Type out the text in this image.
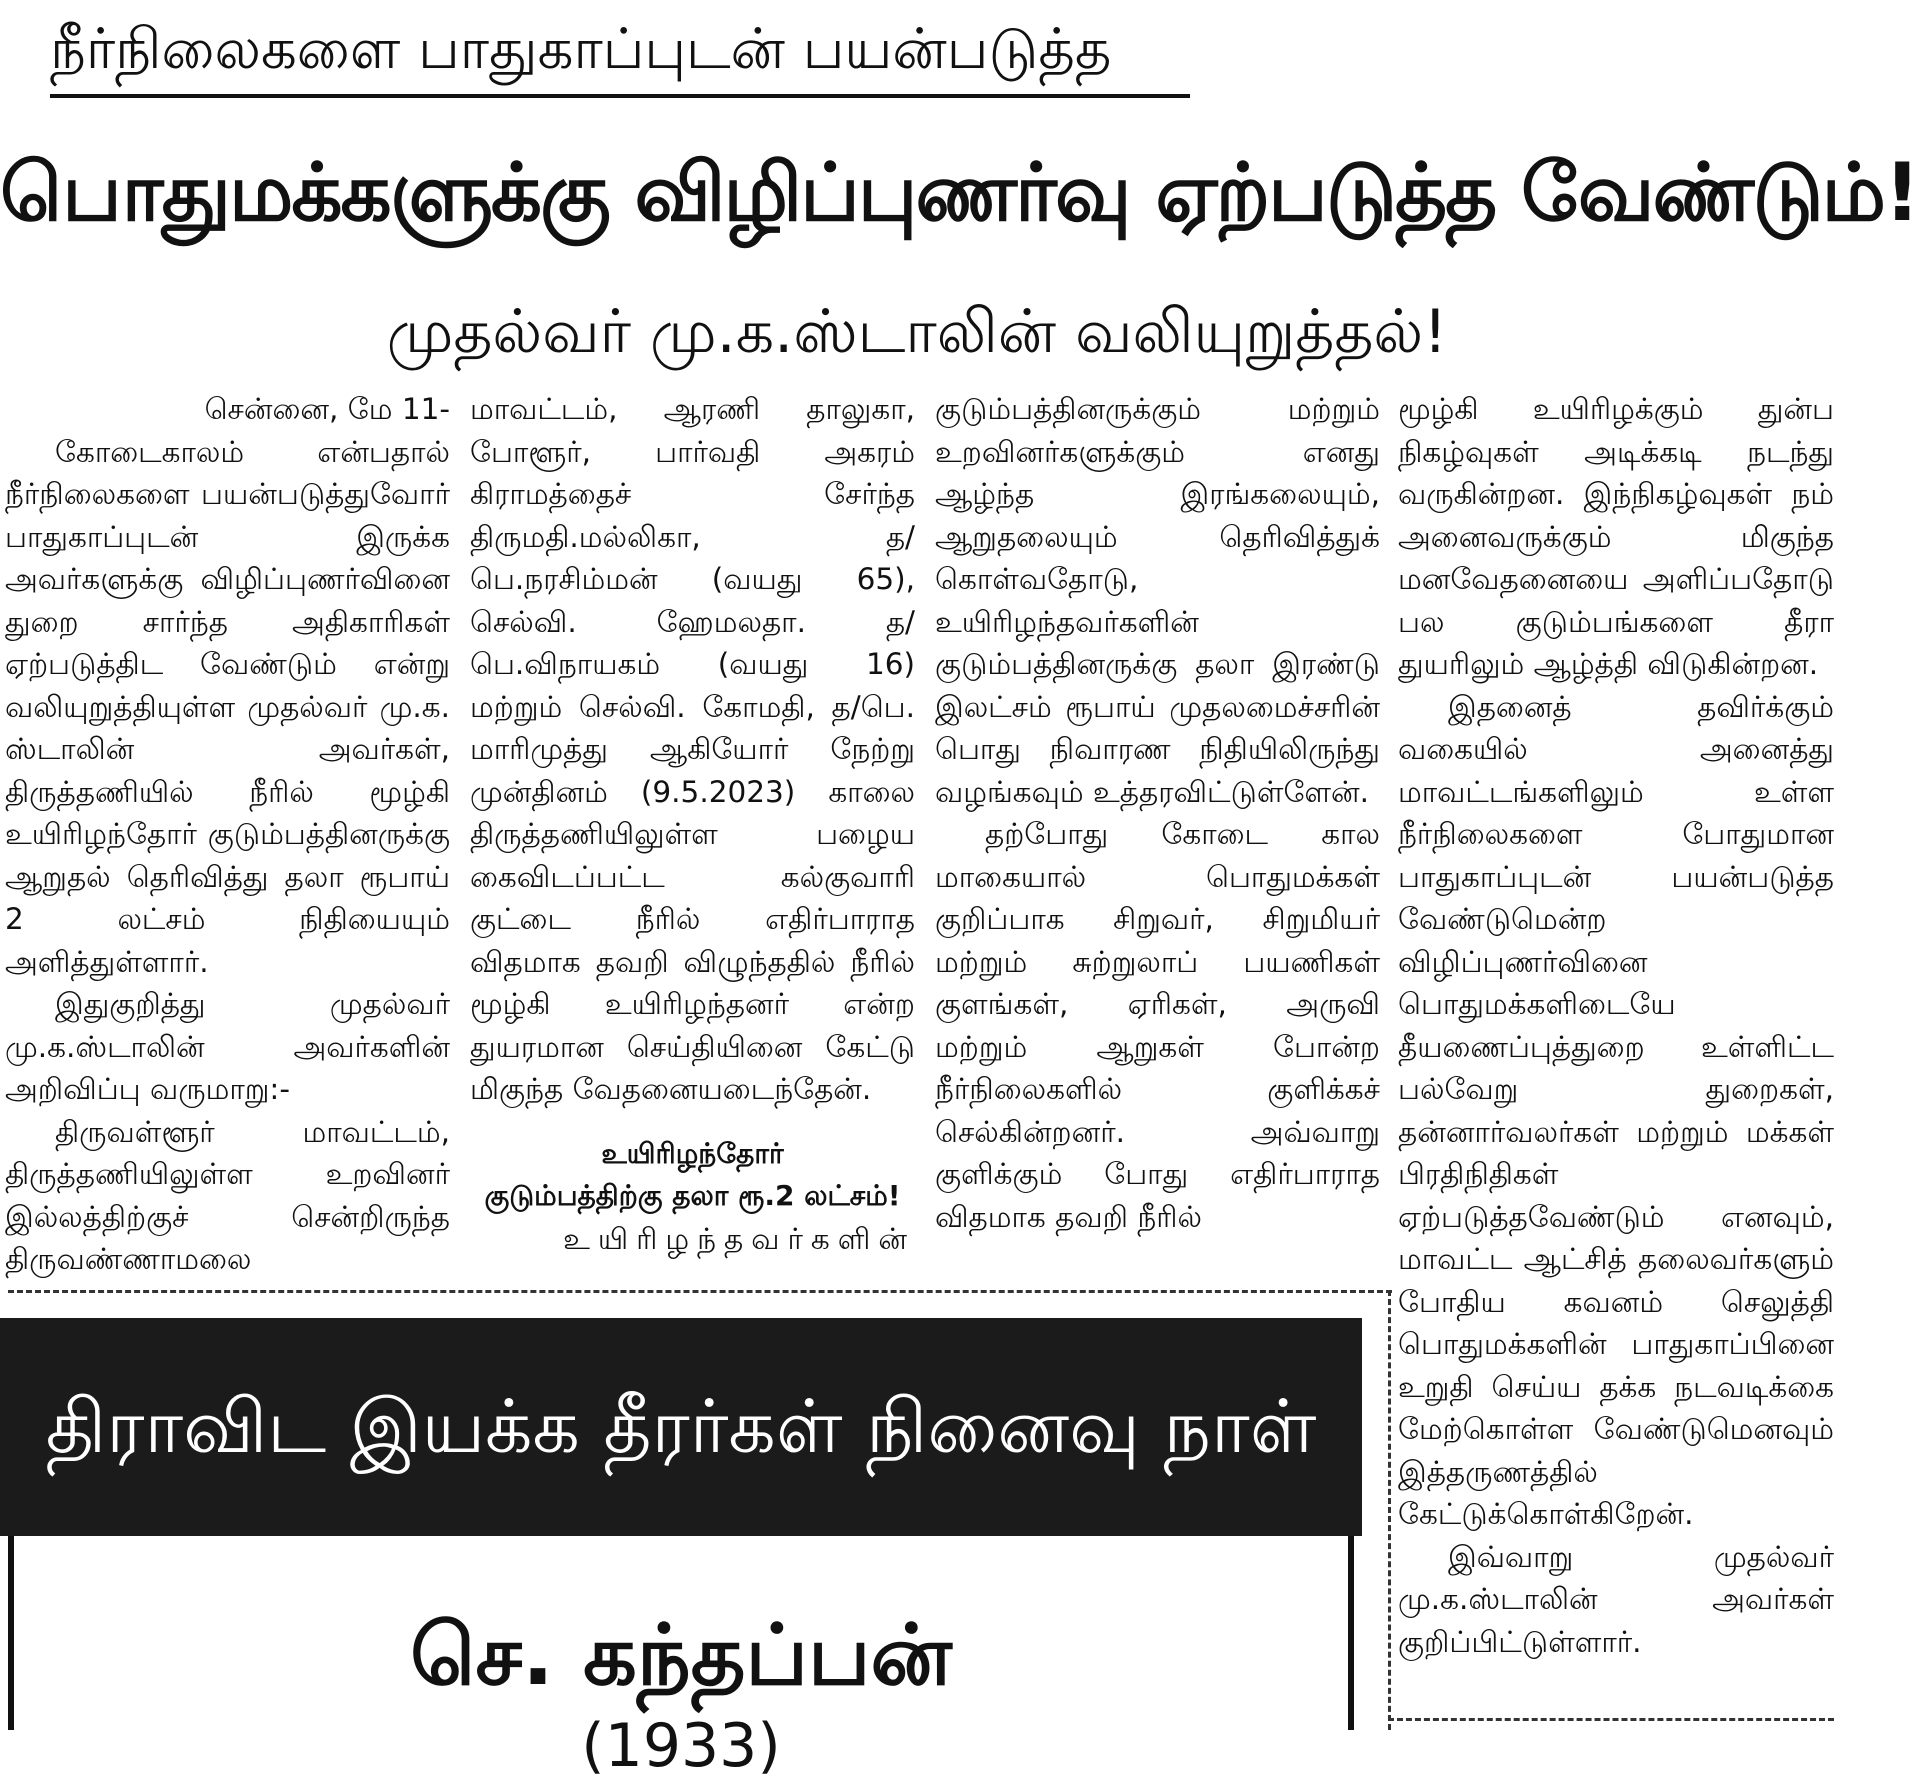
நீர்நிலைகளை பாதுகாப்புடன் பயன்படுத்த
பொதுமக்களுக்கு விழிப்புணர்வு ஏற்படுத்த வேண்டும்!
முதல்வர் மு.க.ஸ்டாலின் வலியுறுத்தல்!

சென்னை, மே 11-

கோடைகாலம் என்பதால் நீர்நிலைகளை பயன்படுத்துவோர் பாதுகாப்புடன் இருக்க அவர்களுக்கு விழிப்புணர்வினை துறை சார்ந்த அதிகாரிகள் ஏற்படுத்திட வேண்டும் என்று வலியுறுத்தியுள்ள முதல்வர் மு.க. ஸ்டாலின் அவர்கள், திருத்தணியில் நீரில் மூழ்கி உயிரிழந்தோர் குடும்பத்தினருக்கு ஆறுதல் தெரிவித்து தலா ரூபாய் 2 லட்சம் நிதியையும் அளித்துள்ளார்.

இதுகுறித்து முதல்வர் மு.க.ஸ்டாலின் அவர்களின் அறிவிப்பு வருமாறு:-

திருவள்ளூர் மாவட்டம், திருத்தணியிலுள்ள உறவினர் இல்லத்திற்குச் சென்றிருந்த திருவண்ணாமலை

மாவட்டம், ஆரணி தாலுகா, போளூர், பார்வதி அகரம் கிராமத்தைச் சேர்ந்த திருமதி.மல்லிகா, த/பெ.நரசிம்மன் (வயது 65), செல்வி. ஹேமலதா. த/பெ.விநாயகம் (வயது 16) மற்றும் செல்வி. கோமதி, த/பெ. மாரிமுத்து ஆகியோர் நேற்று முன்தினம் (9.5.2023) காலை திருத்தணியிலுள்ள பழைய கைவிடப்பட்ட கல்குவாரி குட்டை நீரில் எதிர்பாராத விதமாக தவறி விழுந்ததில் நீரில் மூழ்கி உயிரிழந்தனர் என்ற துயரமான செய்தியினை கேட்டு மிகுந்த வேதனையடைந்தேன்.

உயிரிழந்தோர்
குடும்பத்திற்கு தலா ரூ.2 லட்சம்!
உயிரிழந்தவர்களின்

குடும்பத்தினருக்கும் மற்றும் உறவினர்களுக்கும் எனது ஆழ்ந்த இரங்கலையும், ஆறுதலையும் தெரிவித்துக் கொள்வதோடு, உயிரிழந்தவர்களின் குடும்பத்தினருக்கு தலா இரண்டு இலட்சம் ரூபாய் முதலமைச்சரின் பொது நிவாரண நிதியிலிருந்து வழங்கவும் உத்தரவிட்டுள்ளேன்.

தற்போது கோடை கால மாகையால் பொதுமக்கள் குறிப்பாக சிறுவர், சிறுமியர் மற்றும் சுற்றுலாப் பயணிகள் குளங்கள், ஏரிகள், அருவி மற்றும் ஆறுகள் போன்ற நீர்நிலைகளில் குளிக்கச் செல்கின்றனர். அவ்வாறு குளிக்கும் போது எதிர்பாராத விதமாக தவறி நீரில்

மூழ்கி உயிரிழக்கும் துன்ப நிகழ்வுகள் அடிக்கடி நடந்து வருகின்றன. இந்நிகழ்வுகள் நம் அனைவருக்கும் மிகுந்த மனவேதனையை அளிப்பதோடு பல குடும்பங்களை தீரா துயரிலும் ஆழ்த்தி விடுகின்றன.

இதனைத் தவிர்க்கும் வகையில் அனைத்து மாவட்டங்களிலும் உள்ள நீர்நிலைகளை போதுமான பாதுகாப்புடன் பயன்படுத்த வேண்டுமென்ற விழிப்புணர்வினை பொதுமக்களிடையே தீயணைப்புத்துறை உள்ளிட்ட பல்வேறு துறைகள், தன்னார்வலர்கள் மற்றும் மக்கள் பிரதிநிதிகள் ஏற்படுத்தவேண்டும் எனவும், மாவட்ட ஆட்சித் தலைவர்களும் போதிய கவனம் செலுத்தி பொதுமக்களின் பாதுகாப்பினை உறுதி செய்ய தக்க நடவடிக்கை மேற்கொள்ள வேண்டுமெனவும் இத்தருணத்தில் கேட்டுக்கொள்கிறேன்.

இவ்வாறு முதல்வர் மு.க.ஸ்டாலின் அவர்கள் குறிப்பிட்டுள்ளார்.

திராவிட இயக்க தீரர்கள் நினைவு நாள்
செ. கந்தப்பன்
(1933)
